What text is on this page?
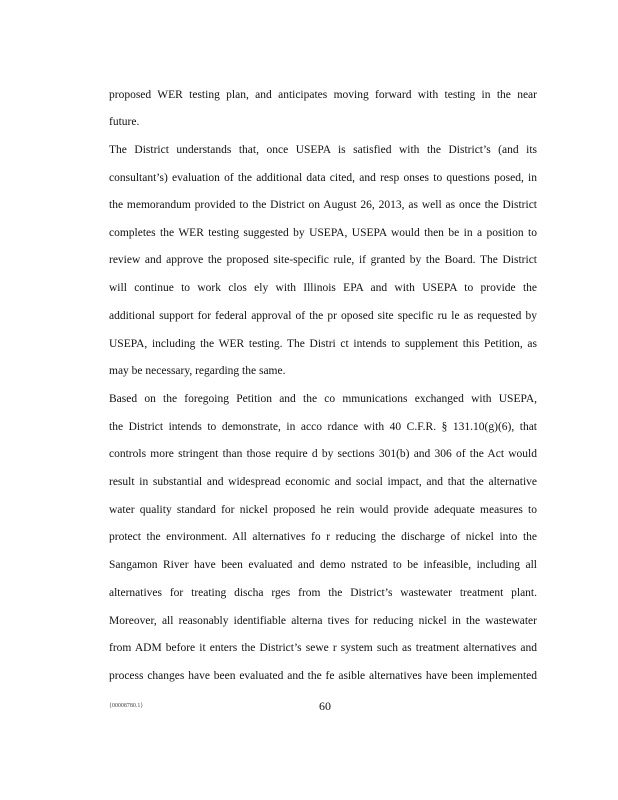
proposed WER testing plan, and anticipates moving forward with testing in the near
future.
The District understands that, once USEPA is satisfied with the District’s (and its
consultant’s) evaluation of the additional data cited, and resp onses to questions posed, in
the memorandum provided to the District on August 26, 2013, as well as once the District
completes the WER testing suggested by USEPA, USEPA would then be in a position to
review and approve the proposed site-specific rule, if granted by the Board. The District
will continue to work clos ely with Illinois EPA and with USEPA to provide the
additional support for federal approval of the pr oposed site specific ru le as requested by
USEPA, including the WER testing. The Distri ct intends to supplement this Petition, as
may be necessary, regarding the same.
Based on the foregoing Petition and the co mmunications exchanged with USEPA,
the District intends to demonstrate, in acco rdance with 40 C.F.R. § 131.10(g)(6), that
controls more stringent than those require d by sections 301(b) and 306 of the Act would
result in substantial and widespread economic and social impact, and that the alternative
water quality standard for nickel proposed he rein would provide adequate measures to
protect the environment. All alternatives fo r reducing the discharge of nickel into the
Sangamon River have been evaluated and demo nstrated to be infeasible, including all
alternatives for treating discha rges from the District’s wastewater treatment plant.
Moreover, all reasonably identifiable alterna tives for reducing nickel in the wastewater
from ADM before it enters the District’s sewe r system such as treatment alternatives and
process changes have been evaluated and the fe asible alternatives have been implemented
{00008780.1}	60
